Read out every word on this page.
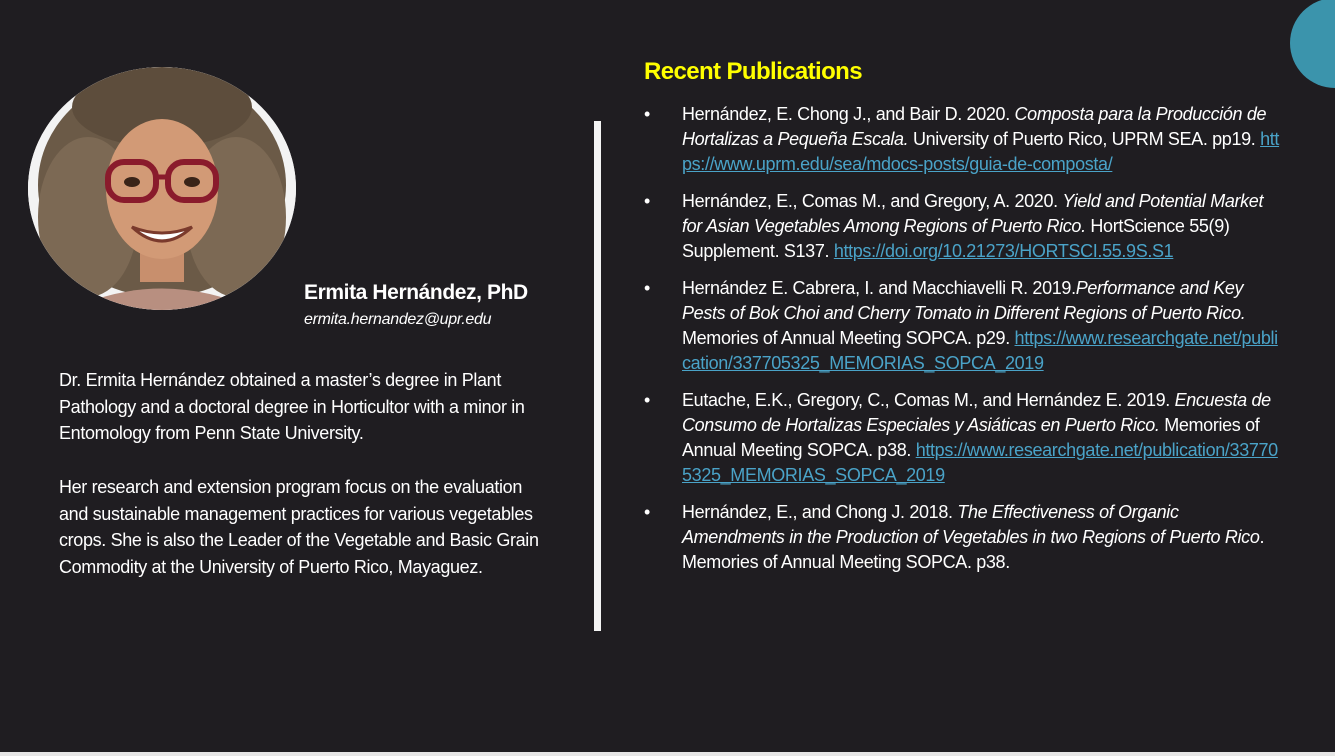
Ermita Hernández, PhD
ermita.hernandez@upr.edu

Dr. Ermita Hernández obtained a master’s degree in Plant Pathology and a doctoral degree in Horticultor with a minor in Entomology from Penn State University.

Her research and extension program focus on the evaluation and sustainable management practices for various vegetables crops. She is also the Leader of the Vegetable and Basic Grain Commodity at the University of Puerto Rico, Mayaguez.

Recent Publications
•	Hernández, E. Chong J., and Bair D. 2020. Composta para la Producción de Hortalizas a Pequeña Escala. University of Puerto Rico, UPRM SEA. pp19. https://www.uprm.edu/sea/mdocs-posts/guia-de-composta/
•	Hernández, E., Comas M., and Gregory, A. 2020. Yield and Potential Market for Asian Vegetables Among Regions of Puerto Rico. HortScience 55(9) Supplement. S137. https://doi.org/10.21273/HORTSCI.55.9S.S1
•	Hernández E. Cabrera, I. and Macchiavelli R. 2019.Performance and Key Pests of Bok Choi and Cherry Tomato in Different Regions of Puerto Rico. Memories of Annual Meeting SOPCA. p29. https://www.researchgate.net/publication/337705325_MEMORIAS_SOPCA_2019
•	Eutache, E.K., Gregory, C., Comas M., and Hernández E. 2019. Encuesta de Consumo de Hortalizas Especiales y Asiáticas en Puerto Rico. Memories of Annual Meeting SOPCA. p38. https://www.researchgate.net/publication/337705325_MEMORIAS_SOPCA_2019
•	Hernández, E., and Chong J. 2018. The Effectiveness of Organic Amendments in the Production of Vegetables in two Regions of Puerto Rico. Memories of Annual Meeting SOPCA. p38.
